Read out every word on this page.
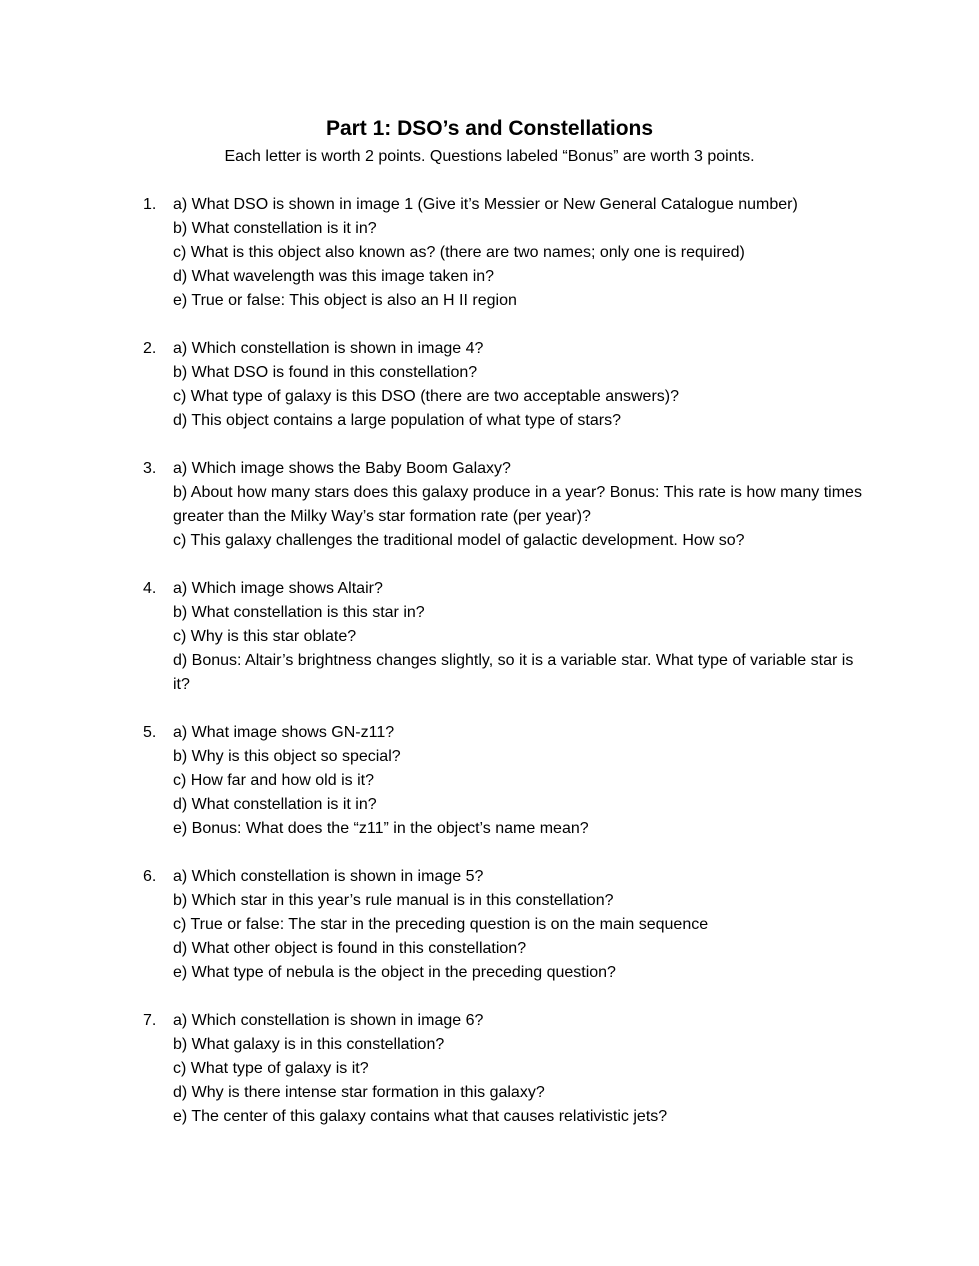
Part 1: DSO’s and Constellations

Each letter is worth 2 points. Questions labeled “Bonus” are worth 3 points.

1.	a) What DSO is shown in image 1 (Give it’s Messier or New General Catalogue number)
b) What constellation is it in?
c) What is this object also known as? (there are two names; only one is required)
d) What wavelength was this image taken in?
e) True or false: This object is also an H II region
2.	a) Which constellation is shown in image 4?
b) What DSO is found in this constellation?
c) What type of galaxy is this DSO (there are two acceptable answers)?
d) This object contains a large population of what type of stars?
3.	a) Which image shows the Baby Boom Galaxy?
b) About how many stars does this galaxy produce in a year? Bonus: This rate is how many times greater than the Milky Way’s star formation rate (per year)?
c) This galaxy challenges the traditional model of galactic development. How so?
4.	a) Which image shows Altair?
b) What constellation is this star in?
c) Why is this star oblate?
d) Bonus: Altair’s brightness changes slightly, so it is a variable star. What type of variable star is it?
5.	a) What image shows GN-z11?
b) Why is this object so special?
c) How far and how old is it?
d) What constellation is it in?
e) Bonus: What does the “z11” in the object’s name mean?
6.	a) Which constellation is shown in image 5?
b) Which star in this year’s rule manual is in this constellation?
c) True or false: The star in the preceding question is on the main sequence
d) What other object is found in this constellation?
e) What type of nebula is the object in the preceding question?
7.	a) Which constellation is shown in image 6?
b) What galaxy is in this constellation?
c) What type of galaxy is it?
d) Why is there intense star formation in this galaxy?
e) The center of this galaxy contains what that causes relativistic jets?
